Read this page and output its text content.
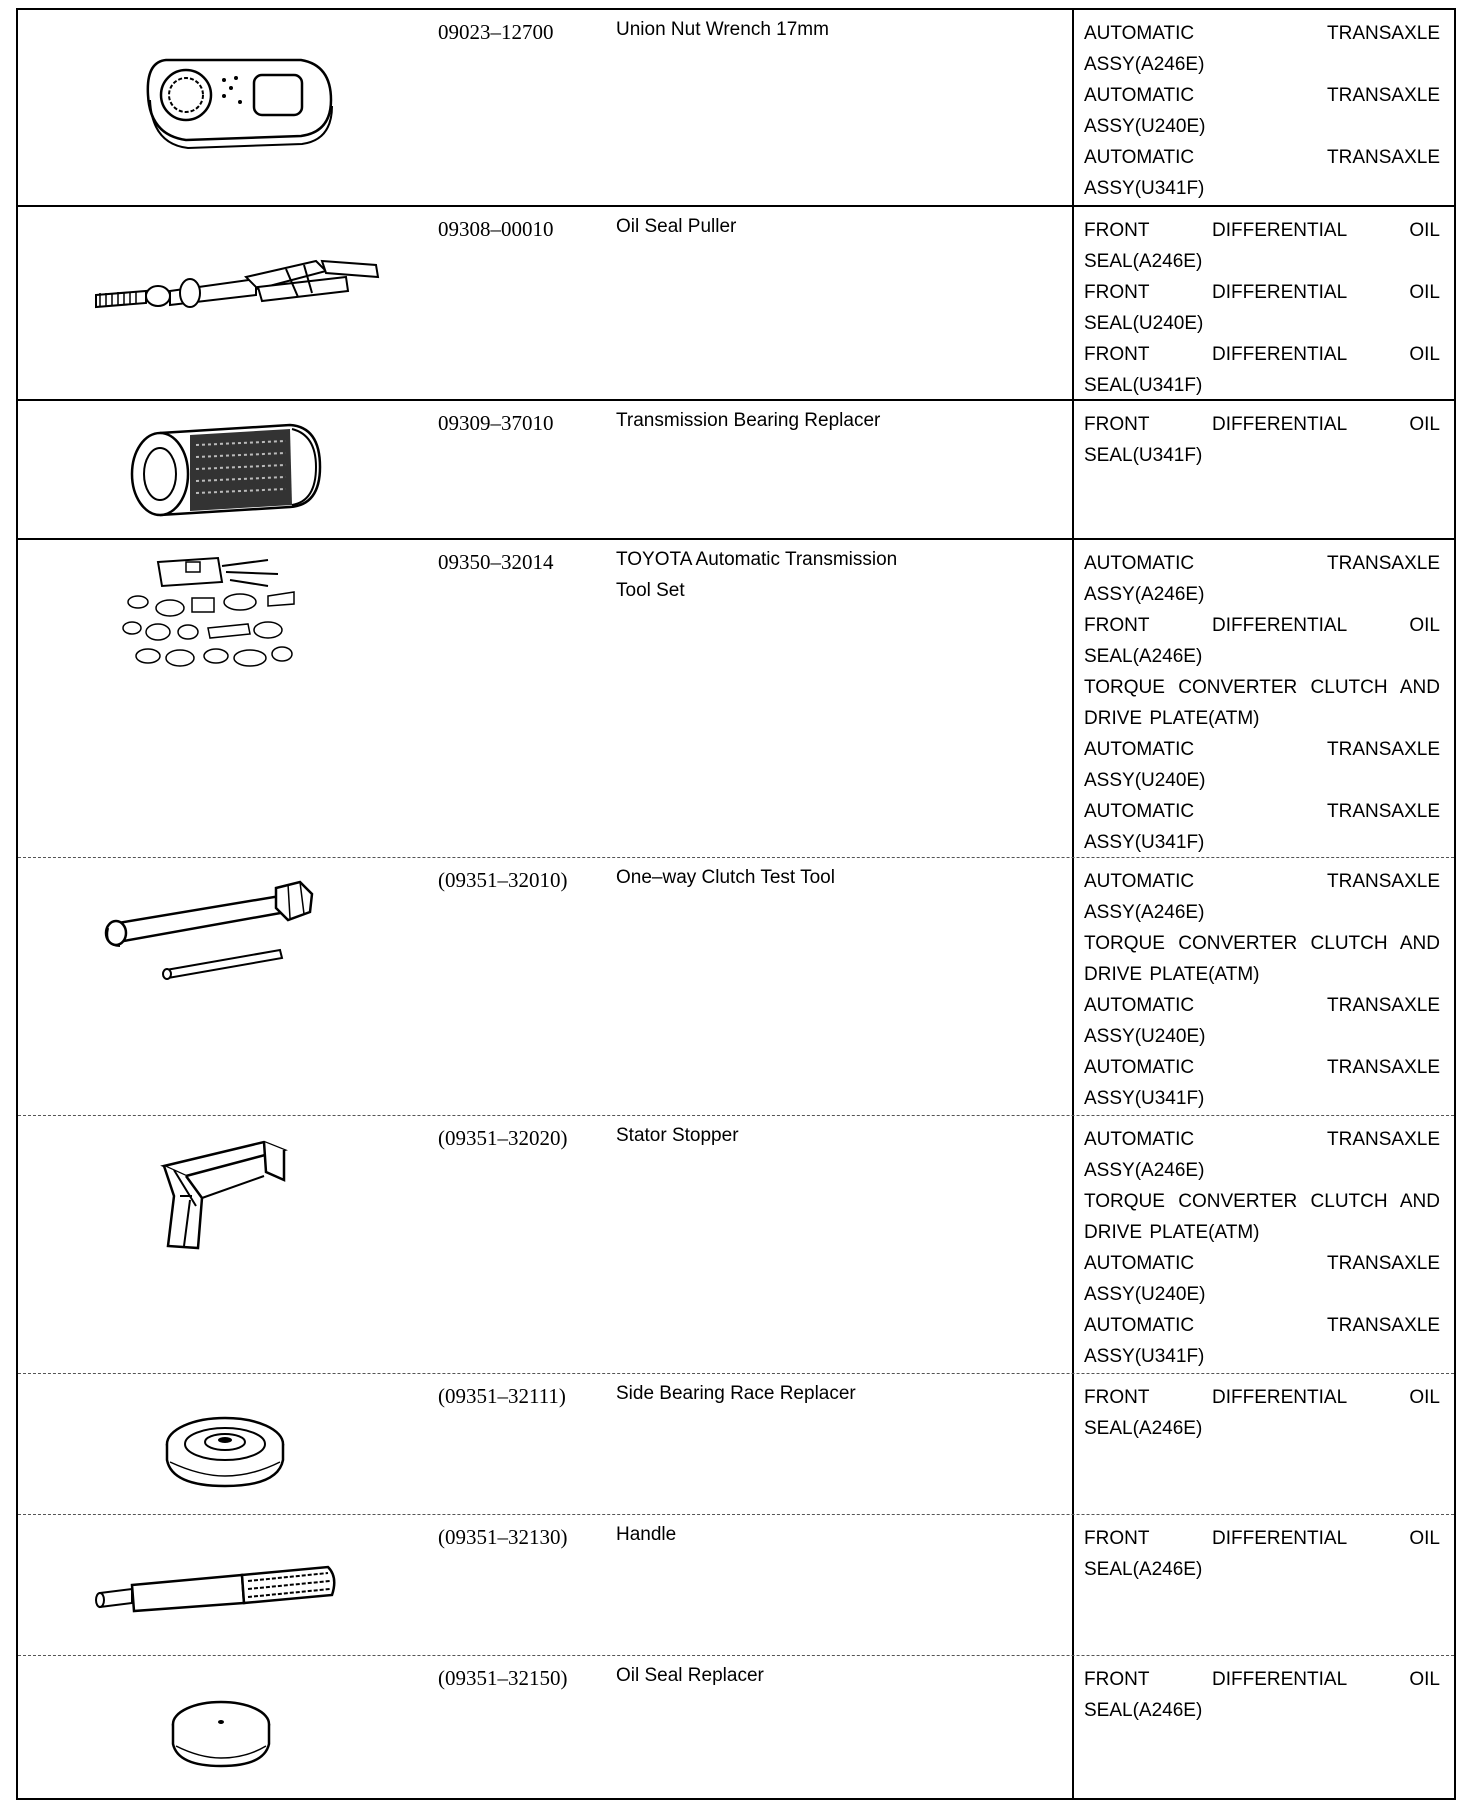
09023–12700	Union Nut Wrench 17mm	AUTOMATIC TRANSAXLE ASSY(A246E)
AUTOMATIC TRANSAXLE ASSY(U240E)
AUTOMATIC TRANSAXLE ASSY(U341F)
09308–00010	Oil Seal Puller	FRONT DIFFERENTIAL OIL SEAL(A246E)
FRONT DIFFERENTIAL OIL SEAL(U240E)
FRONT DIFFERENTIAL OIL SEAL(U341F)
09309–37010	Transmission Bearing Replacer	FRONT DIFFERENTIAL OIL SEAL(U341F)
09350–32014	TOYOTA Automatic Transmission
Tool Set
AUTOMATIC TRANSAXLE ASSY(A246E)
FRONT DIFFERENTIAL OIL SEAL(A246E)
TORQUE CONVERTER CLUTCH AND DRIVE PLATE(ATM)
AUTOMATIC TRANSAXLE ASSY(U240E)
AUTOMATIC TRANSAXLE ASSY(U341F)
(09351–32010)	One–way Clutch Test Tool	AUTOMATIC TRANSAXLE ASSY(A246E)
TORQUE CONVERTER CLUTCH AND DRIVE PLATE(ATM)
AUTOMATIC TRANSAXLE ASSY(U240E)
AUTOMATIC TRANSAXLE ASSY(U341F)
(09351–32020)	Stator Stopper	AUTOMATIC TRANSAXLE ASSY(A246E)
TORQUE CONVERTER CLUTCH AND DRIVE PLATE(ATM)
AUTOMATIC TRANSAXLE ASSY(U240E)
AUTOMATIC TRANSAXLE ASSY(U341F)
(09351–32111)	Side Bearing Race Replacer	FRONT DIFFERENTIAL OIL SEAL(A246E)
(09351–32130)	Handle	FRONT DIFFERENTIAL OIL SEAL(A246E)
(09351–32150)	Oil Seal Replacer	FRONT DIFFERENTIAL OIL SEAL(A246E)
